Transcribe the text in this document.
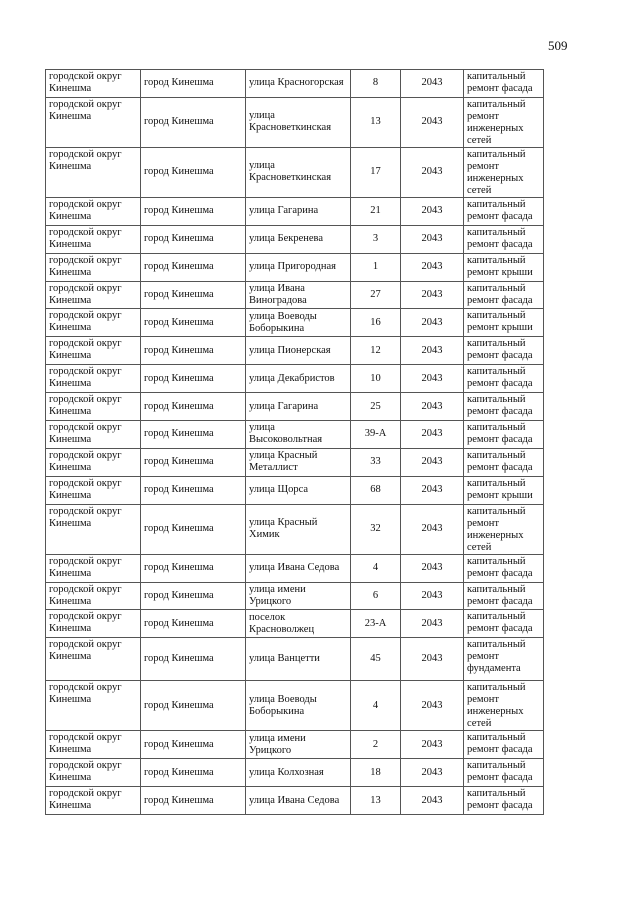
509
городской округ Кинешма	город Кинешма	улица Красногорская	8	2043	капитальный ремонт фасада
городской округ Кинешма	город Кинешма	улица Красноветкинская	13	2043	капитальный ремонт инженерных сетей
городской округ Кинешма	город Кинешма	улица Красноветкинская	17	2043	капитальный ремонт инженерных сетей
городской округ Кинешма	город Кинешма	улица Гагарина	21	2043	капитальный ремонт фасада
городской округ Кинешма	город Кинешма	улица Бекренева	3	2043	капитальный ремонт фасада
городской округ Кинешма	город Кинешма	улица Пригородная	1	2043	капитальный ремонт крыши
городской округ Кинешма	город Кинешма	улица Ивана Виноградова	27	2043	капитальный ремонт фасада
городской округ Кинешма	город Кинешма	улица Воеводы Боборыкина	16	2043	капитальный ремонт крыши
городской округ Кинешма	город Кинешма	улица Пионерская	12	2043	капитальный ремонт фасада
городской округ Кинешма	город Кинешма	улица Декабристов	10	2043	капитальный ремонт фасада
городской округ Кинешма	город Кинешма	улица Гагарина	25	2043	капитальный ремонт фасада
городской округ Кинешма	город Кинешма	улица Высоковольтная	39-А	2043	капитальный ремонт фасада
городской округ Кинешма	город Кинешма	улица Красный Металлист	33	2043	капитальный ремонт фасада
городской округ Кинешма	город Кинешма	улица Щорса	68	2043	капитальный ремонт крыши
городской округ Кинешма	город Кинешма	улица Красный Химик	32	2043	капитальный ремонт инженерных сетей
городской округ Кинешма	город Кинешма	улица Ивана Седова	4	2043	капитальный ремонт фасада
городской округ Кинешма	город Кинешма	улица имени Урицкого	6	2043	капитальный ремонт фасада
городской округ Кинешма	город Кинешма	поселок Красноволжец	23-А	2043	капитальный ремонт фасада
городской округ Кинешма	город Кинешма	улица Ванцетти	45	2043	капитальный ремонт фундамента
городской округ Кинешма	город Кинешма	улица Воеводы Боборыкина	4	2043	капитальный ремонт инженерных сетей
городской округ Кинешма	город Кинешма	улица имени Урицкого	2	2043	капитальный ремонт фасада
городской округ Кинешма	город Кинешма	улица Колхозная	18	2043	капитальный ремонт фасада
городской округ Кинешма	город Кинешма	улица Ивана Седова	13	2043	капитальный ремонт фасада
